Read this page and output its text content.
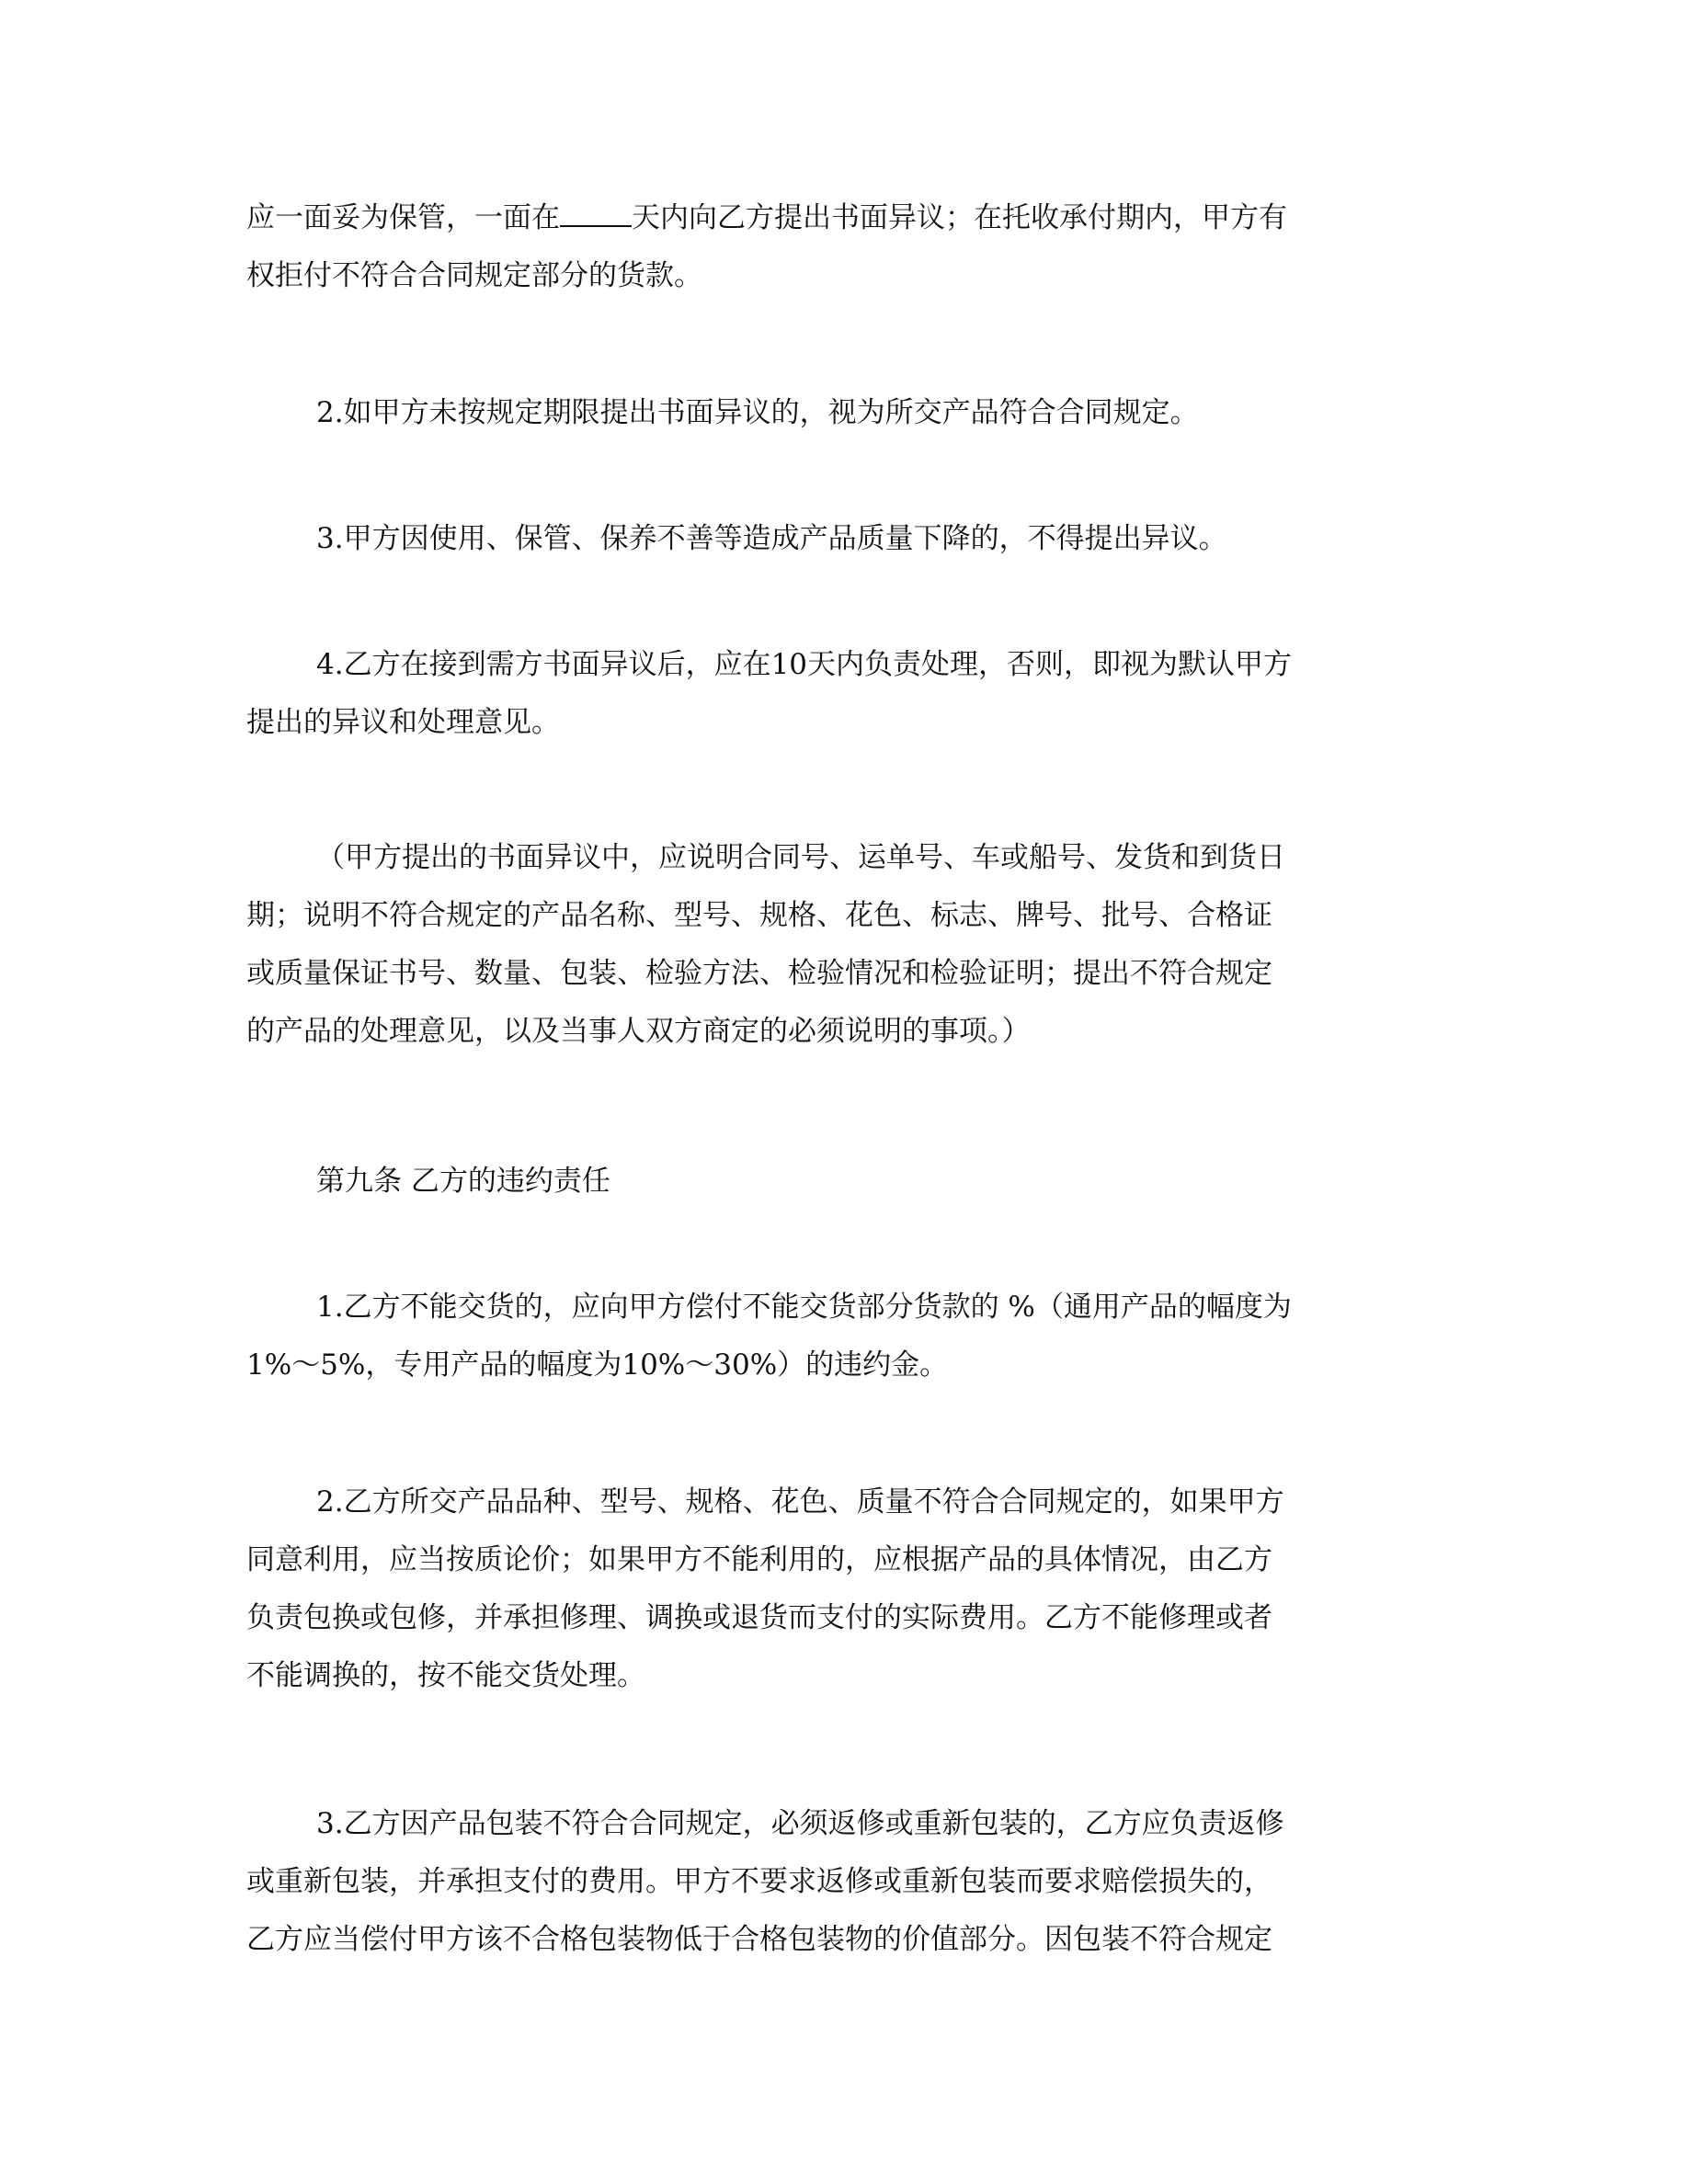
应一面妥为保管，一面在	天内向乙方提出书面异议；在托收承付期内，甲方有
权拒付不符合合同规定部分的货款。
2.如甲方未按规定期限提出书面异议的，视为所交产品符合合同规定。
3.甲方因使用、保管、保养不善等造成产品质量下降的，不得提出异议。
4.乙方在接到需方书面异议后，应在10天内负责处理，否则，即视为默认甲方
提出的异议和处理意见。
（甲方提出的书面异议中，应说明合同号、运单号、车或船号、发货和到货日
期；说明不符合规定的产品名称、型号、规格、花色、标志、牌号、批号、合格证
或质量保证书号、数量、包装、检验方法、检验情况和检验证明；提出不符合规定
的产品的处理意见，以及当事人双方商定的必须说明的事项。）
第九条 乙方的违约责任
1.乙方不能交货的，应向甲方偿付不能交货部分货款的 %（通用产品的幅度为
1%～5%，专用产品的幅度为10%～30%）的违约金。
2.乙方所交产品品种、型号、规格、花色、质量不符合合同规定的，如果甲方
同意利用，应当按质论价；如果甲方不能利用的，应根据产品的具体情况，由乙方
负责包换或包修，并承担修理、调换或退货而支付的实际费用。乙方不能修理或者
不能调换的，按不能交货处理。
3.乙方因产品包装不符合合同规定，必须返修或重新包装的，乙方应负责返修
或重新包装，并承担支付的费用。甲方不要求返修或重新包装而要求赔偿损失的，
乙方应当偿付甲方该不合格包装物低于合格包装物的价值部分。因包装不符合规定
